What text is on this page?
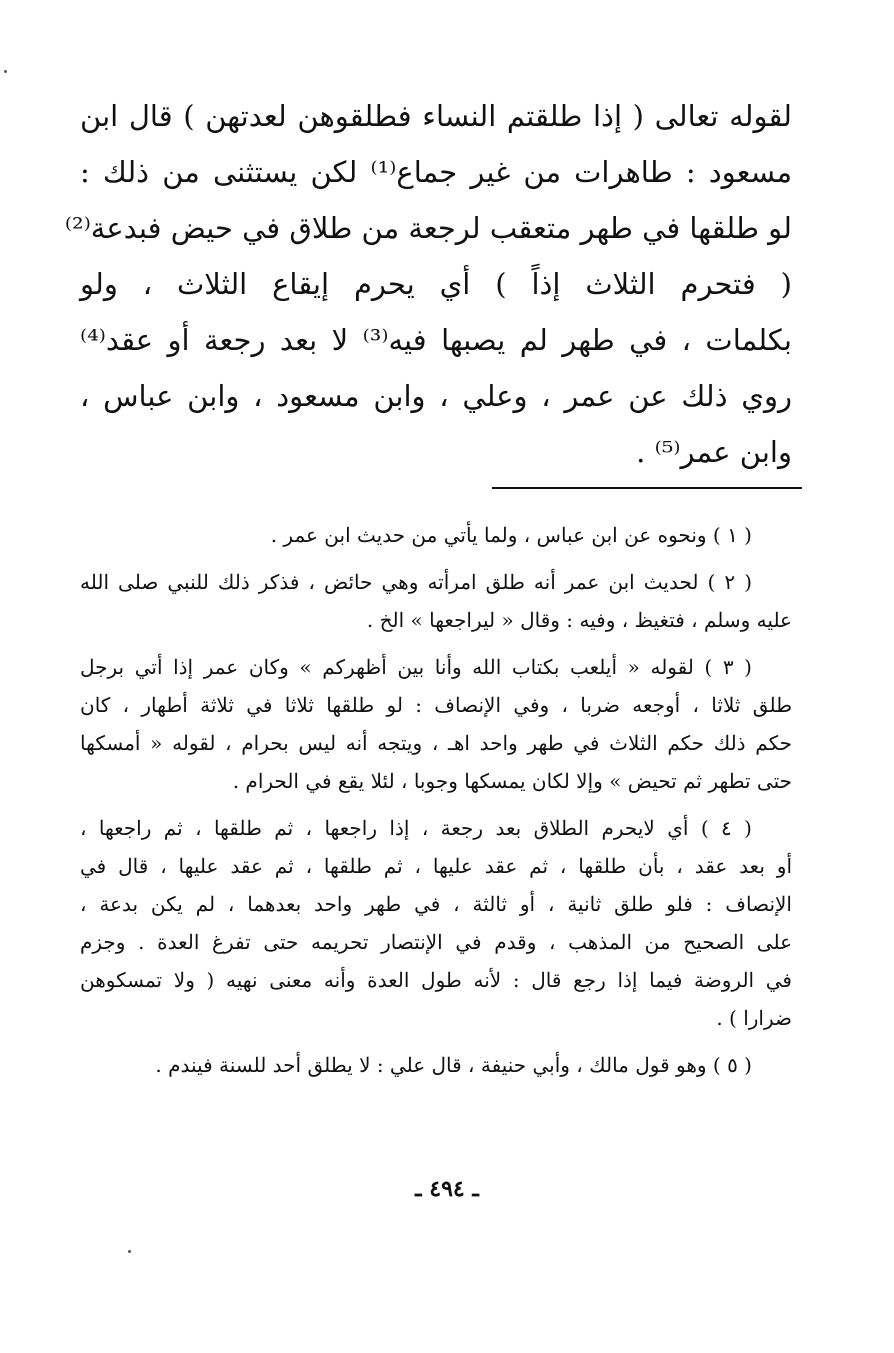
لقوله تعالى ( إذا طلقتم النساء فطلقوهن لعدتهن ) قال ابن
مسعود : طاهرات من غير جماع⁽¹⁾ لكن يستثنى من ذلك :
لو طلقها في طهر متعقب لرجعة من طلاق في حيض فبدعة⁽²⁾
( فتحرم الثلاث إذاً ) أي يحرم إيقاع الثلاث ، ولو
بكلمات ، في طهر لم يصبها فيه⁽³⁾ لا بعد رجعة أو عقد⁽⁴⁾
روي ذلك عن عمر ، وعلي ، وابن مسعود ، وابن عباس ،
وابن عمر⁽⁵⁾ .
( ١ ) ونحوه عن ابن عباس ، ولما يأتي من حديث ابن عمر .
( ٢ ) لحديث ابن عمر أنه طلق امرأته وهي حائض ، فذكر ذلك للنبي صلى الله
عليه وسلم ، فتغيظ ، وفيه : وقال « ليراجعها » الخ .
( ٣ ) لقوله « أيلعب بكتاب الله وأنا بين أظهركم » وكان عمر إذا أتي برجل
طلق ثلاثا ، أوجعه ضربا ، وفي الإنصاف : لو طلقها ثلاثا في ثلاثة أطهار ، كان
حكم ذلك حكم الثلاث في طهر واحد اهـ ، ويتجه أنه ليس بحرام ، لقوله « أمسكها
حتى تطهر ثم تحيض » وإلا لكان يمسكها وجوبا ، لئلا يقع في الحرام .
( ٤ ) أي لايحرم الطلاق بعد رجعة ، إذا راجعها ، ثم طلقها ، ثم راجعها ،
أو بعد عقد ، بأن طلقها ، ثم عقد عليها ، ثم طلقها ، ثم عقد عليها ، قال في
الإنصاف : فلو طلق ثانية ، أو ثالثة ، في طهر واحد بعدهما ، لم يكن بدعة ،
على الصحيح من المذهب ، وقدم في الإنتصار تحريمه حتى تفرغ العدة . وجزم
في الروضة فيما إذا رجع قال : لأنه طول العدة وأنه معنى نهيه ( ولا تمسكوهن
ضرارا ) .
( ٥ ) وهو قول مالك ، وأبي حنيفة ، قال علي : لا يطلق أحد للسنة فيندم .
ـ ٤٩٤ ـ
